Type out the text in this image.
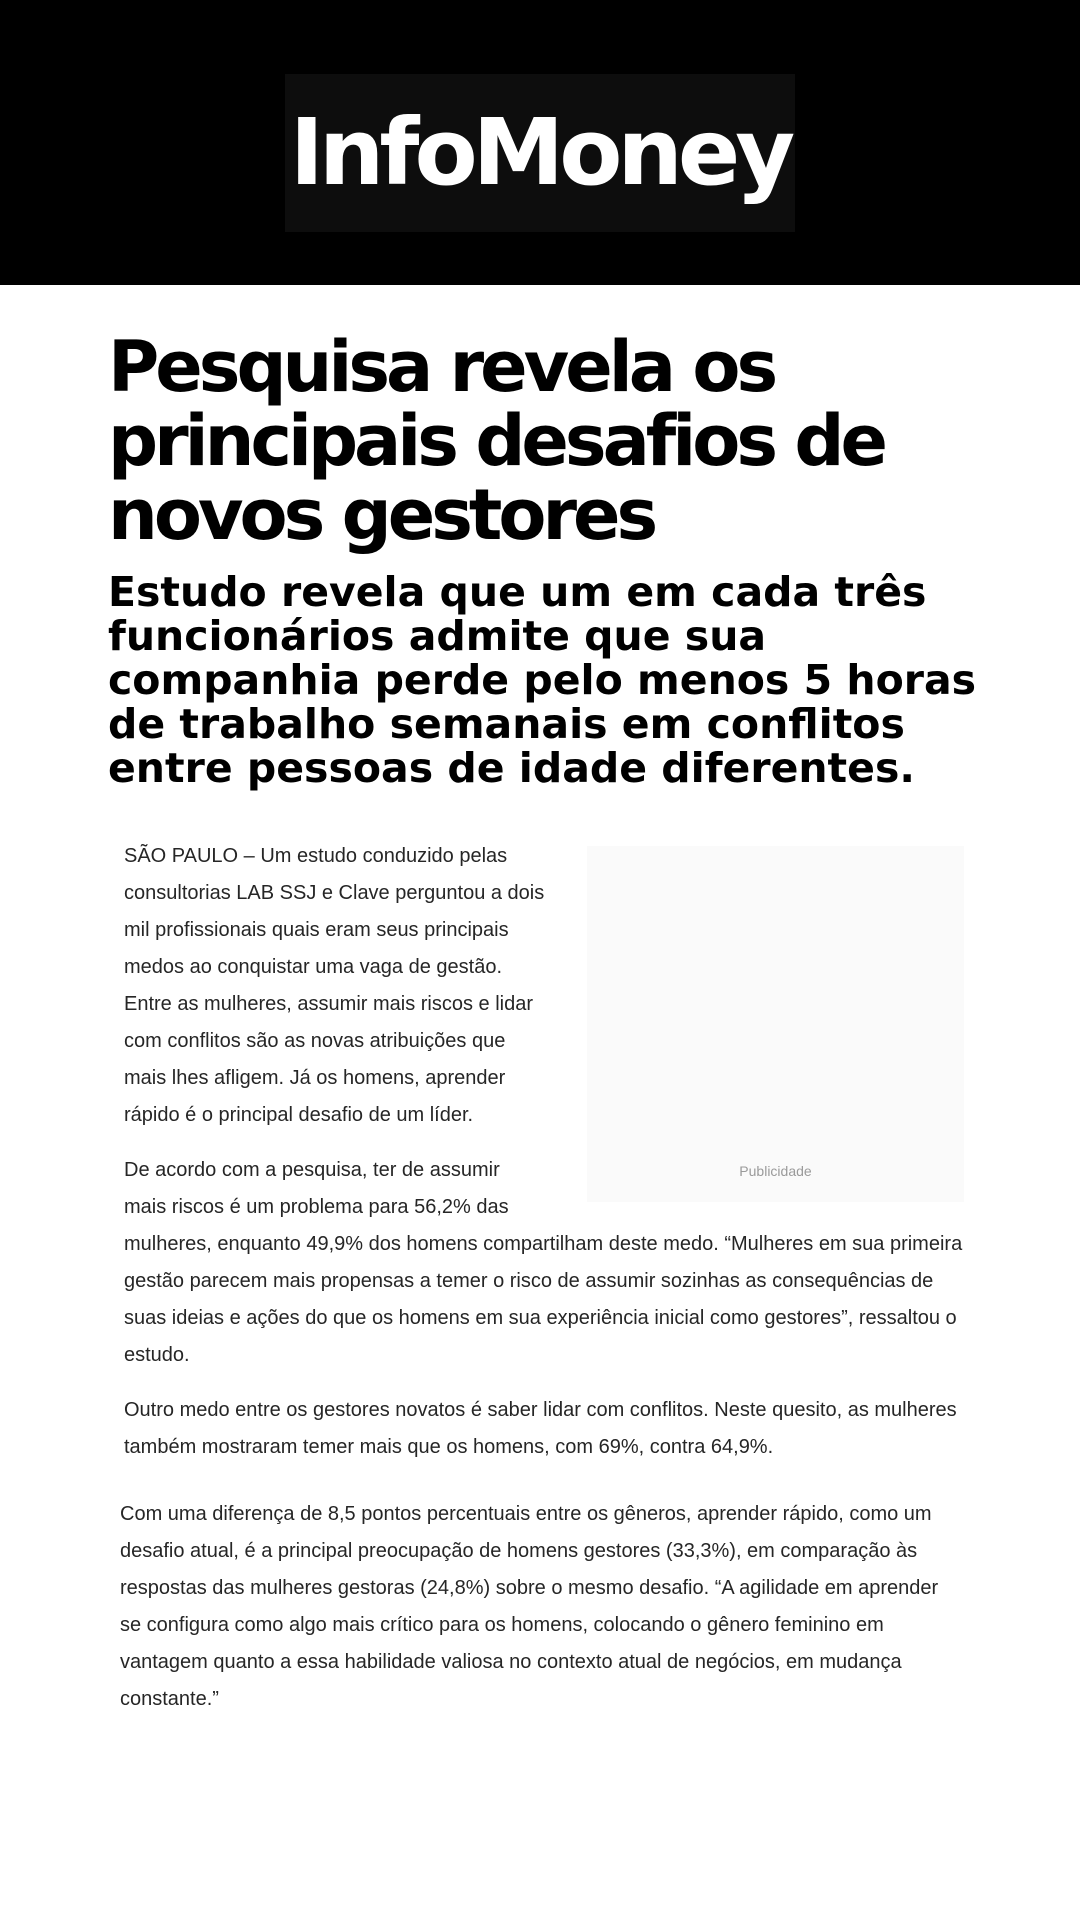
InfoMoney
Pesquisa revela os principais desafios de novos gestores
Estudo revela que um em cada três funcionários admite que sua companhia perde pelo menos 5 horas de trabalho semanais em conflitos entre pessoas de idade diferentes.
Publicidade

SÃO PAULO – Um estudo conduzido pelas consultorias LAB SSJ e Clave perguntou a dois mil profissionais quais eram seus principais medos ao conquistar uma vaga de gestão. Entre as mulheres, assumir mais riscos e lidar com conflitos são as novas atribuições que mais lhes afligem. Já os homens, aprender rápido é o principal desafio de um líder.

De acordo com a pesquisa, ter de assumir mais riscos é um problema para 56,2% das mulheres, enquanto 49,9% dos homens compartilham deste medo. “Mulheres em sua primeira gestão parecem mais propensas a temer o risco de assumir sozinhas as consequências de suas ideias e ações do que os homens em sua experiência inicial como gestores”, ressaltou o estudo.

Outro medo entre os gestores novatos é saber lidar com conflitos. Neste quesito, as mulheres também mostraram temer mais que os homens, com 69%, contra 64,9%.

Com uma diferença de 8,5 pontos percentuais entre os gêneros, aprender rápido, como um desafio atual, é a principal preocupação de homens gestores (33,3%), em comparação às respostas das mulheres gestoras (24,8%) sobre o mesmo desafio. “A agilidade em aprender se configura como algo mais crítico para os homens, colocando o gênero feminino em vantagem quanto a essa habilidade valiosa no contexto atual de negócios, em mudança constante.”
